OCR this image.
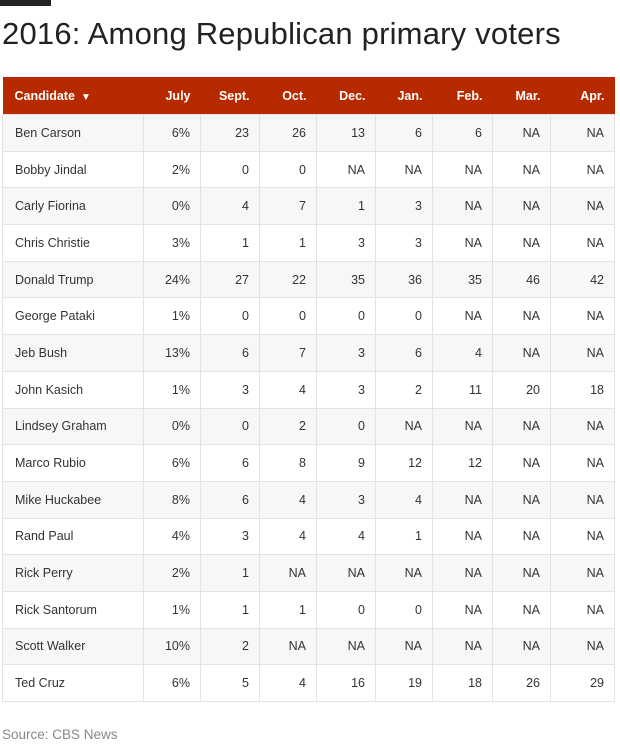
2016: Among Republican primary voters
Candidate ▼	July	Sept.	Oct.	Dec.	Jan.	Feb.	Mar.	Apr.
Ben Carson	6%	23	26	13	6	6	NA	NA
Bobby Jindal	2%	0	0	NA	NA	NA	NA	NA
Carly Fiorina	0%	4	7	1	3	NA	NA	NA
Chris Christie	3%	1	1	3	3	NA	NA	NA
Donald Trump	24%	27	22	35	36	35	46	42
George Pataki	1%	0	0	0	0	NA	NA	NA
Jeb Bush	13%	6	7	3	6	4	NA	NA
John Kasich	1%	3	4	3	2	11	20	18
Lindsey Graham	0%	0	2	0	NA	NA	NA	NA
Marco Rubio	6%	6	8	9	12	12	NA	NA
Mike Huckabee	8%	6	4	3	4	NA	NA	NA
Rand Paul	4%	3	4	4	1	NA	NA	NA
Rick Perry	2%	1	NA	NA	NA	NA	NA	NA
Rick Santorum	1%	1	1	0	0	NA	NA	NA
Scott Walker	10%	2	NA	NA	NA	NA	NA	NA
Ted Cruz	6%	5	4	16	19	18	26	29

Source: CBS News
